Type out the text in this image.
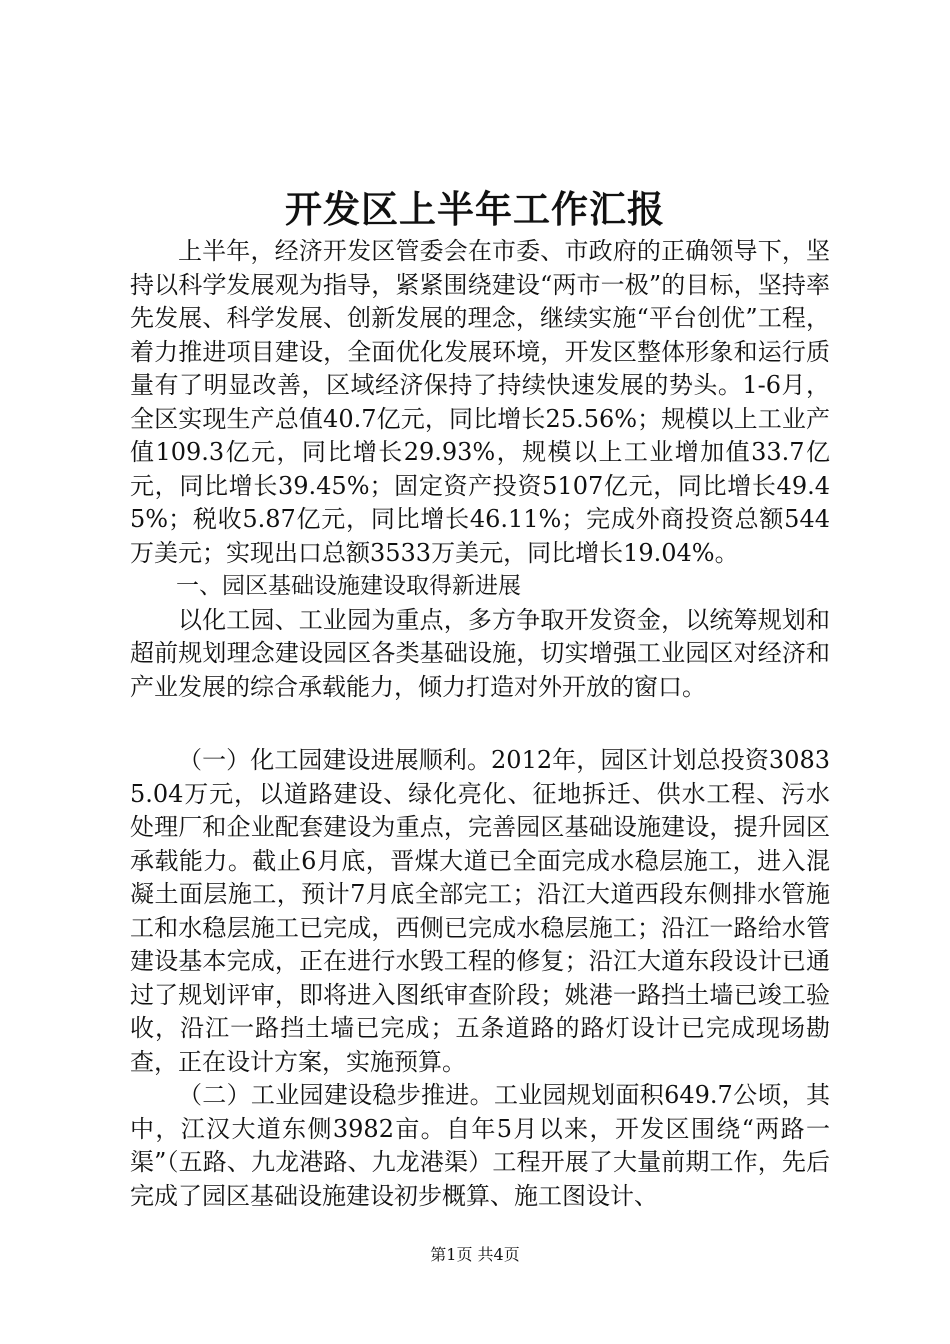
开发区上半年工作汇报

上半年，经济开发区管委会在市委、市政府的正确领导下，坚持以科学发展观为指导，紧紧围绕建设“两市一极”的目标，坚持率先发展、科学发展、创新发展的理念，继续实施“平台创优”工程，着力推进项目建设，全面优化发展环境，开发区整体形象和运行质量有了明显改善，区域经济保持了持续快速发展的势头。1-6月，全区实现生产总值40.7亿元，同比增长25.56%；规模以上工业产值109.3亿元，同比增长29.93%，规模以上工业增加值33.7亿元，同比增长39.45%；固定资产投资5107亿元，同比增长49.45%；税收5.87亿元，同比增长46.11%；完成外商投资总额544万美元；实现出口总额3533万美元，同比增长19.04%。

一、园区基础设施建设取得新进展

以化工园、工业园为重点，多方争取开发资金，以统筹规划和超前规划理念建设园区各类基础设施，切实增强工业园区对经济和产业发展的综合承载能力，倾力打造对外开放的窗口。

（一）化工园建设进展顺利。2012年，园区计划总投资30835.04万元，以道路建设、绿化亮化、征地拆迁、供水工程、污水处理厂和企业配套建设为重点，完善园区基础设施建设，提升园区承载能力。截止6月底，晋煤大道已全面完成水稳层施工，进入混凝土面层施工，预计7月底全部完工；沿江大道西段东侧排水管施工和水稳层施工已完成，西侧已完成水稳层施工；沿江一路给水管建设基本完成，正在进行水毁工程的修复；沿江大道东段设计已通过了规划评审，即将进入图纸审查阶段；姚港一路挡土墙已竣工验收，沿江一路挡土墙已完成；五条道路的路灯设计已完成现场勘查，正在设计方案，实施预算。

（二）工业园建设稳步推进。工业园规划面积649.7公顷，其中，江汉大道东侧3982亩。自年5月以来，开发区围绕“两路一渠”（五路、九龙港路、九龙港渠）工程开展了大量前期工作，先后完成了园区基础设施建设初步概算、施工图设计、

第1页 共4页
